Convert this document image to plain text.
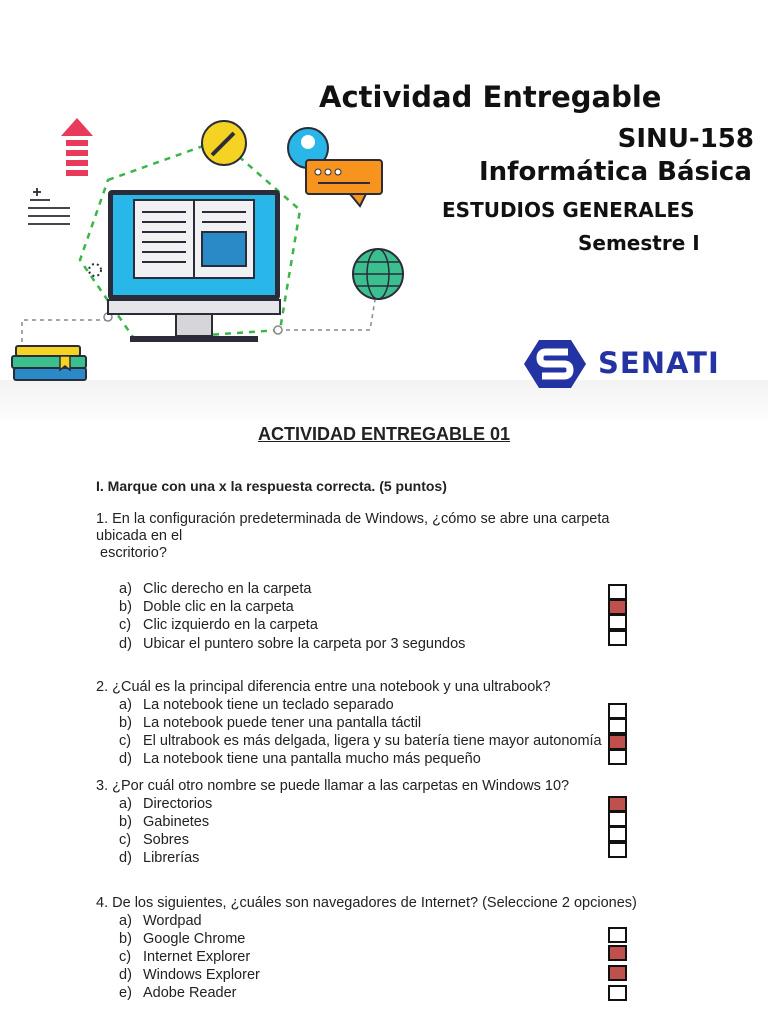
Actividad Entregable
SINU-158
Informática Básica
ESTUDIOS GENERALES
Semestre I
SENATI
ACTIVIDAD ENTREGABLE 01
I. Marque con una x la respuesta correcta. (5 puntos)
1. En la configuración predeterminada de Windows, ¿cómo se abre una carpeta ubicada en el
escritorio?
a) Clic derecho en la carpeta
b) Doble clic en la carpeta
c) Clic izquierdo en la carpeta
d) Ubicar el puntero sobre la carpeta por 3 segundos
2. ¿Cuál es la principal diferencia entre una notebook y una ultrabook?
a) La notebook tiene un teclado separado
b) La notebook puede tener una pantalla táctil
c) El ultrabook es más delgada, ligera y su batería tiene mayor autonomía
d) La notebook tiene una pantalla mucho más pequeño
3. ¿Por cuál otro nombre se puede llamar a las carpetas en Windows 10?
a) Directorios
b) Gabinetes
c) Sobres
d) Librerías
4. De los siguientes, ¿cuáles son navegadores de Internet? (Seleccione 2 opciones)
a) Wordpad
b) Google Chrome
c) Internet Explorer
d) Windows Explorer
e) Adobe Reader
